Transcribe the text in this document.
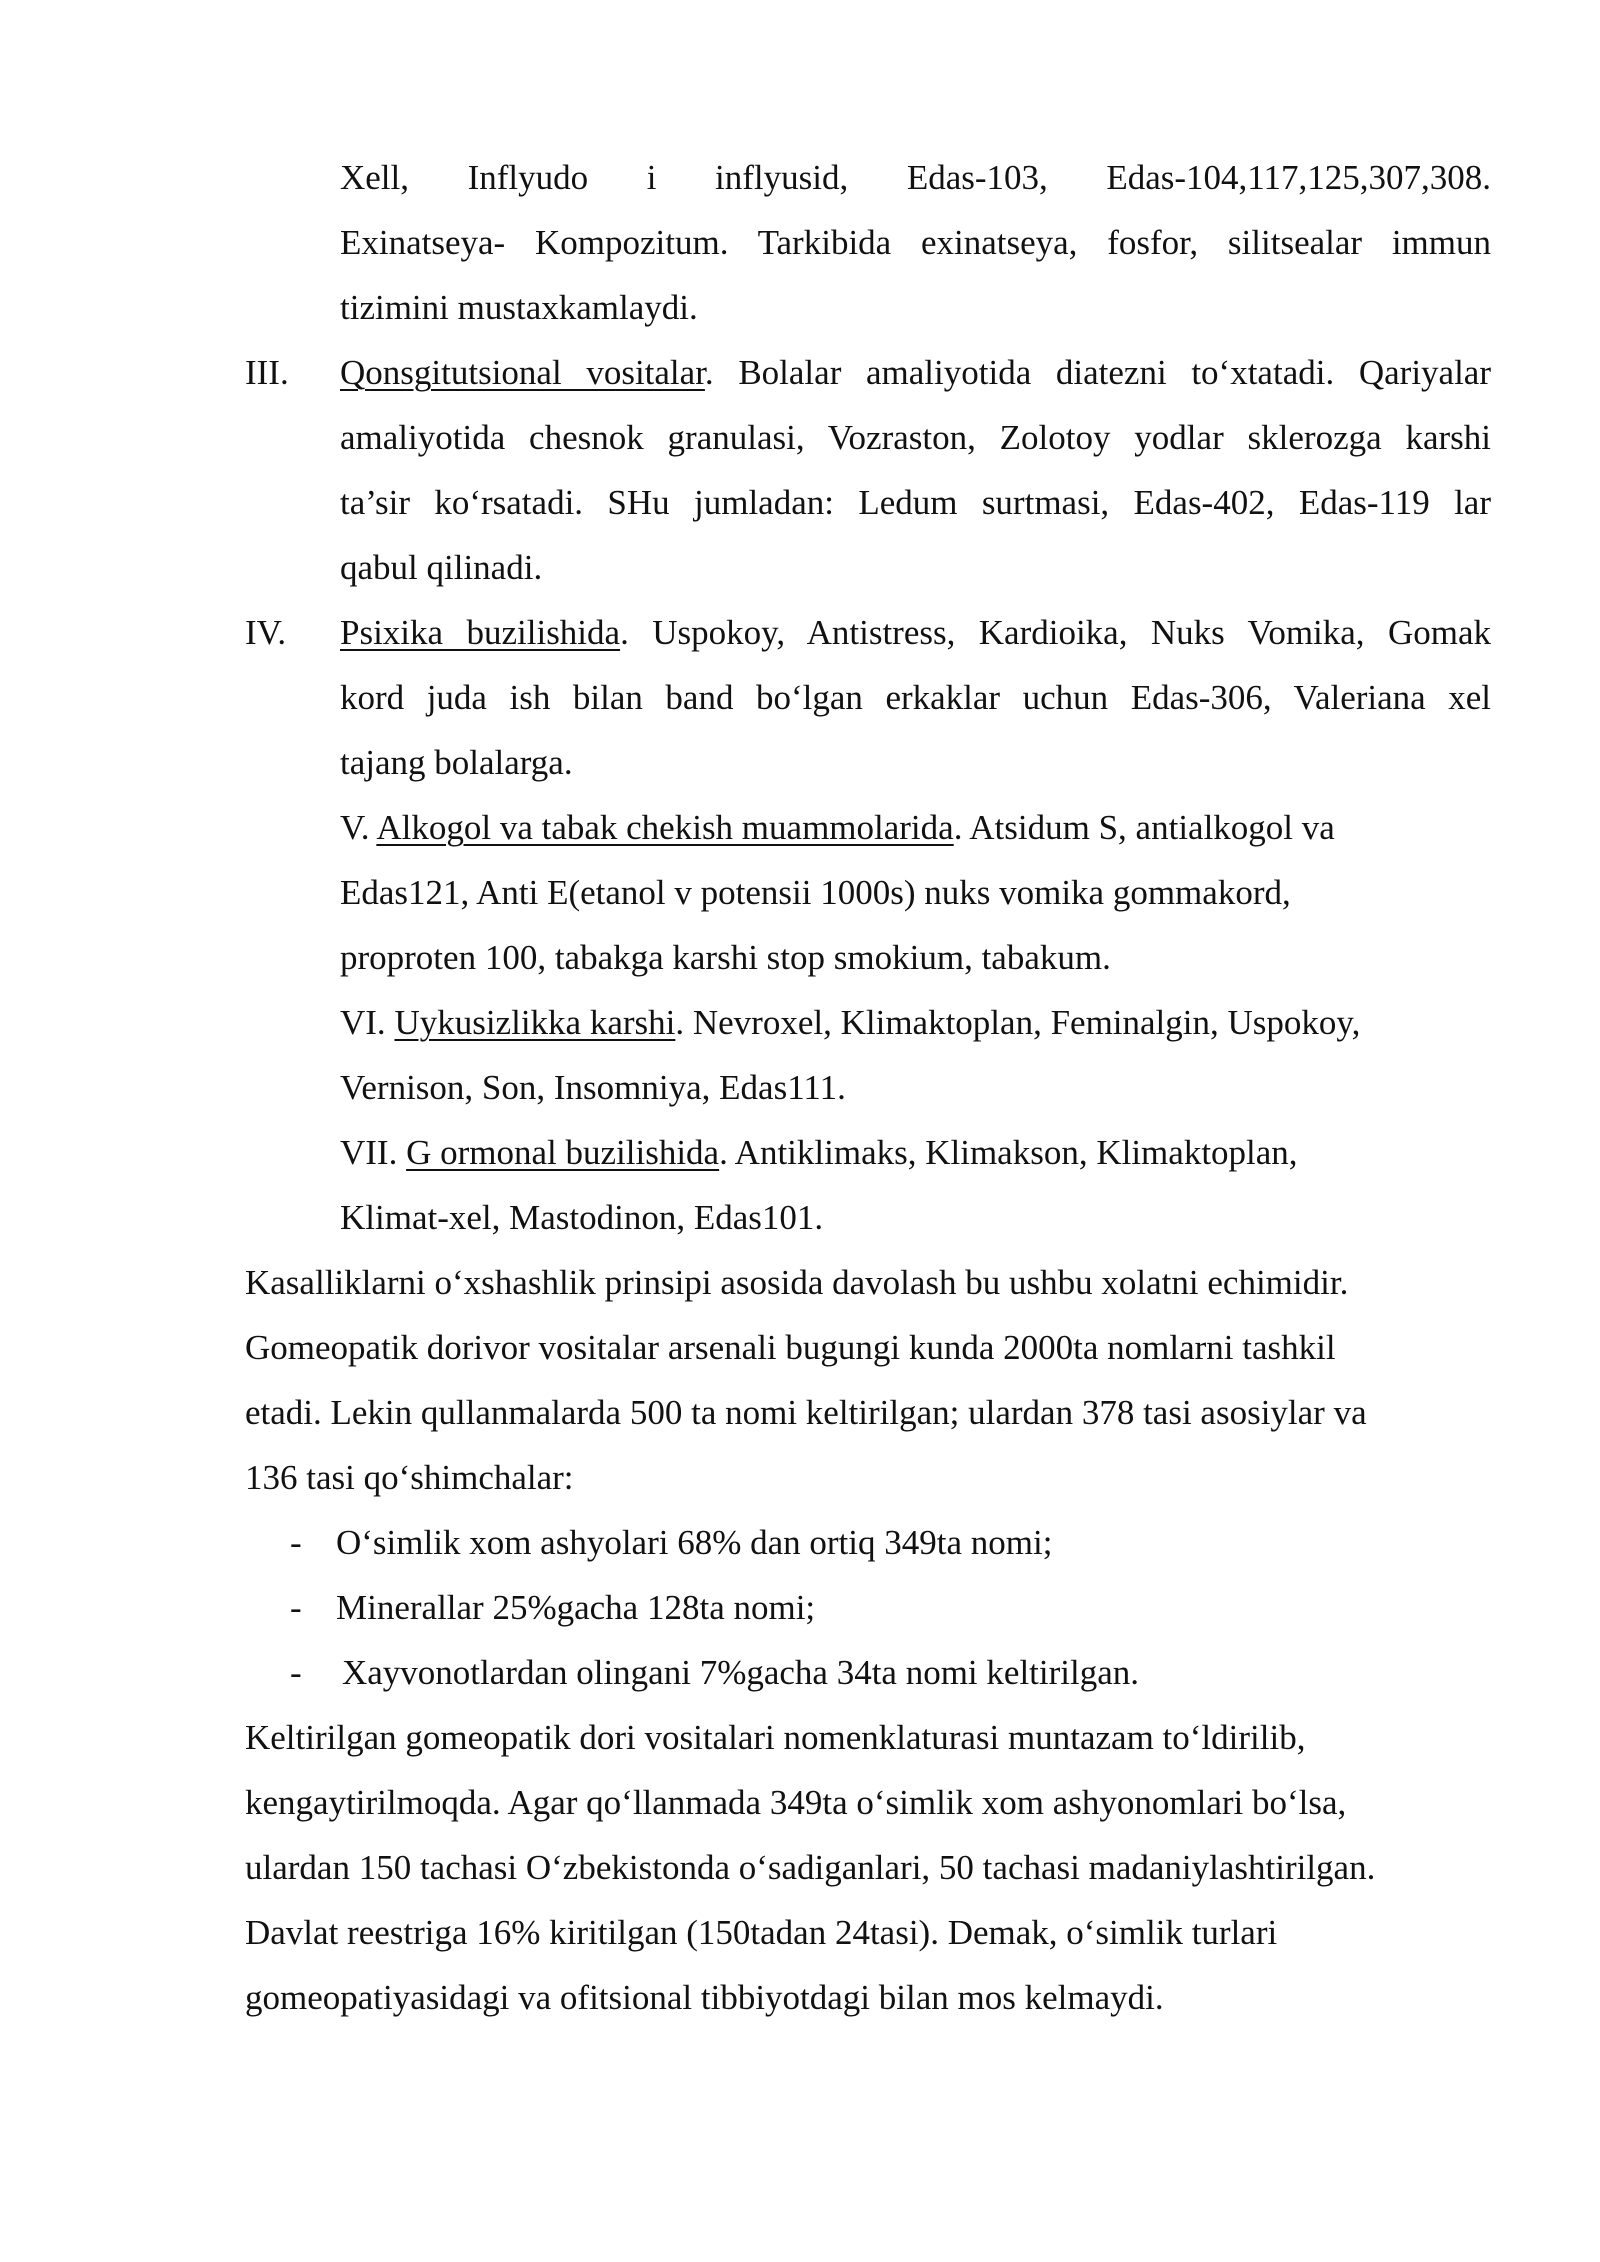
Xell, Inflyudo i inflyusid, Edas-103, Edas-104,117,125,307,308.
Exinatseya- Kompozitum. Tarkibida exinatseya, fosfor, silitsealar immun
tizimini mustaxkamlaydi.
III. Qonsgitutsional vositalar. Bolalar amaliyotida diatezni to‘xtatadi. Qariyalar
amaliyotida chesnok granulasi, Vozraston, Zolotoy yodlar sklerozga karshi
ta’sir ko‘rsatadi. SHu jumladan: Ledum surtmasi, Edas-402, Edas-119 lar
qabul qilinadi.
IV. Psixika buzilishida. Uspokoy, Antistress, Kardioika, Nuks Vomika, Gomak
kord juda ish bilan band bo‘lgan erkaklar uchun Edas-306, Valeriana xel
tajang bolalarga.
V. Alkogol va tabak chekish muammolarida. Atsidum S, antialkogol va
Edas121, Anti E(etanol v potensii 1000s) nuks vomika gommakord,
proproten 100, tabakga karshi stop smokium, tabakum.
VI. Uykusizlikka karshi. Nevroxel, Klimaktoplan, Feminalgin, Uspokoy,
Vernison, Son, Insomniya, Edas111.
VII. G ormonal buzilishida. Antiklimaks, Klimakson, Klimaktoplan,
Klimat-xel, Mastodinon, Edas101.
Kasalliklarni o‘xshashlik prinsipi asosida davolash bu ushbu xolatni echimidir.
Gomeopatik dorivor vositalar arsenali bugungi kunda 2000ta nomlarni tashkil
etadi. Lekin qullanmalarda 500 ta nomi keltirilgan; ulardan 378 tasi asosiylar va
136 tasi qo‘shimchalar:
- O‘simlik xom ashyolari 68% dan ortiq 349ta nomi;
- Minerallar 25%gacha 128ta nomi;
- Xayvonotlardan olingani 7%gacha 34ta nomi keltirilgan.
Keltirilgan gomeopatik dori vositalari nomenklaturasi muntazam to‘ldirilib,
kengaytirilmoqda. Agar qo‘llanmada 349ta o‘simlik xom ashyonomlari bo‘lsa,
ulardan 150 tachasi O‘zbekistonda o‘sadiganlari, 50 tachasi madaniylashtirilgan.
Davlat reestriga 16% kiritilgan (150tadan 24tasi). Demak, o‘simlik turlari
gomeopatiyasidagi va ofitsional tibbiyotdagi bilan mos kelmaydi.
